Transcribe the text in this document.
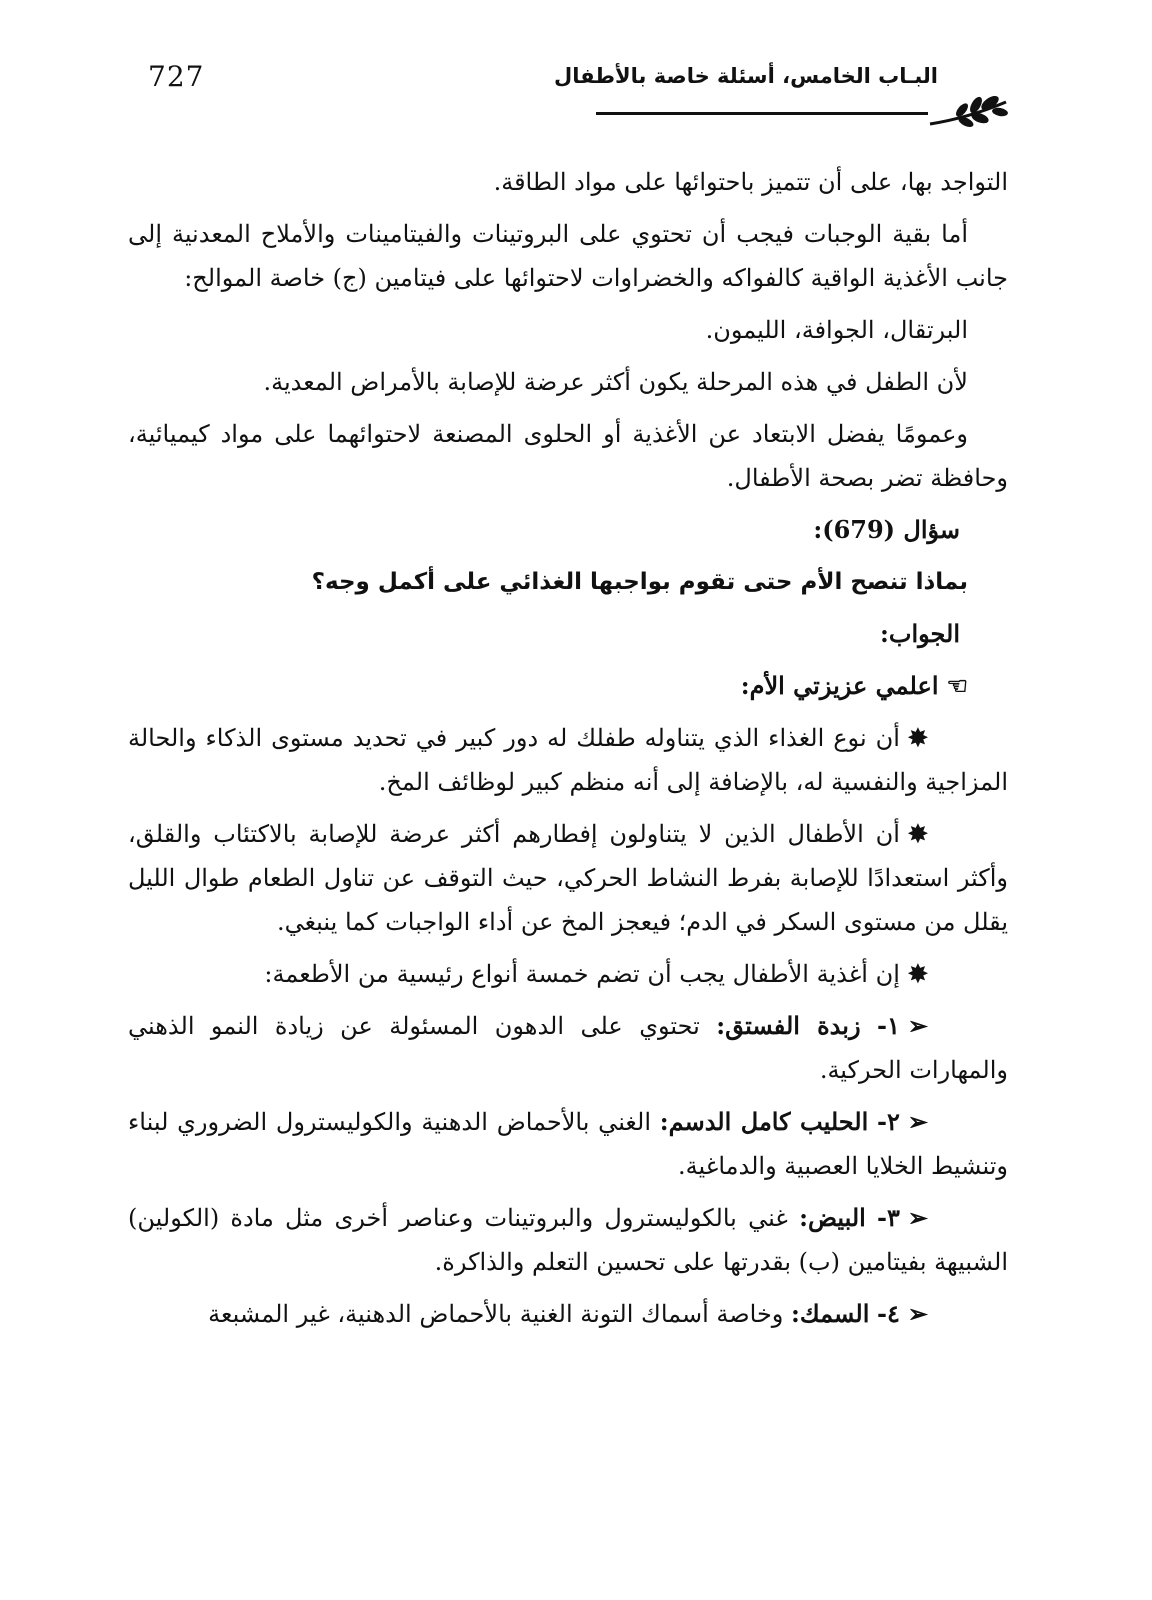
727	البـاب الخامس، أسئلة خاصة بالأطفال

التواجد بها، على أن تتميز باحتوائها على مواد الطاقة.

أما بقية الوجبات فيجب أن تحتوي على البروتينات والفيتامينات والأملاح المعدنية إلى جانب الأغذية الواقية كالفواكه والخضراوات لاحتوائها على فيتامين (ج) خاصة الموالح:

البرتقال، الجوافة، الليمون.

لأن الطفل في هذه المرحلة يكون أكثر عرضة للإصابة بالأمراض المعدية.

وعمومًا يفضل الابتعاد عن الأغذية أو الحلوى المصنعة لاحتوائهما على مواد كيميائية، وحافظة تضر بصحة الأطفال.

سؤال (679):

بماذا تنصح الأم حتى تقوم بواجبها الغذائي على أكمل وجه؟

الجواب:

☜اعلمي عزيزتي الأم:

✸أن نوع الغذاء الذي يتناوله طفلك له دور كبير في تحديد مستوى الذكاء والحالة المزاجية والنفسية له، بالإضافة إلى أنه منظم كبير لوظائف المخ.

✸أن الأطفال الذين لا يتناولون إفطارهم أكثر عرضة للإصابة بالاكتئاب والقلق، وأكثر استعدادًا للإصابة بفرط النشاط الحركي، حيث التوقف عن تناول الطعام طوال الليل يقلل من مستوى السكر في الدم؛ فيعجز المخ عن أداء الواجبات كما ينبغي.

✸إن أغذية الأطفال يجب أن تضم خمسة أنواع رئيسية من الأطعمة:

➢١- زبدة الفستق: تحتوي على الدهون المسئولة عن زيادة النمو الذهني والمهارات الحركية.

➢٢- الحليب كامل الدسم: الغني بالأحماض الدهنية والكوليسترول الضروري لبناء وتنشيط الخلايا العصبية والدماغية.

➢٣- البيض: غني بالكوليسترول والبروتينات وعناصر أخرى مثل مادة (الكولين) الشبيهة بفيتامين (ب) بقدرتها على تحسين التعلم والذاكرة.

➢٤- السمك: وخاصة أسماك التونة الغنية بالأحماض الدهنية، غير المشبعة
